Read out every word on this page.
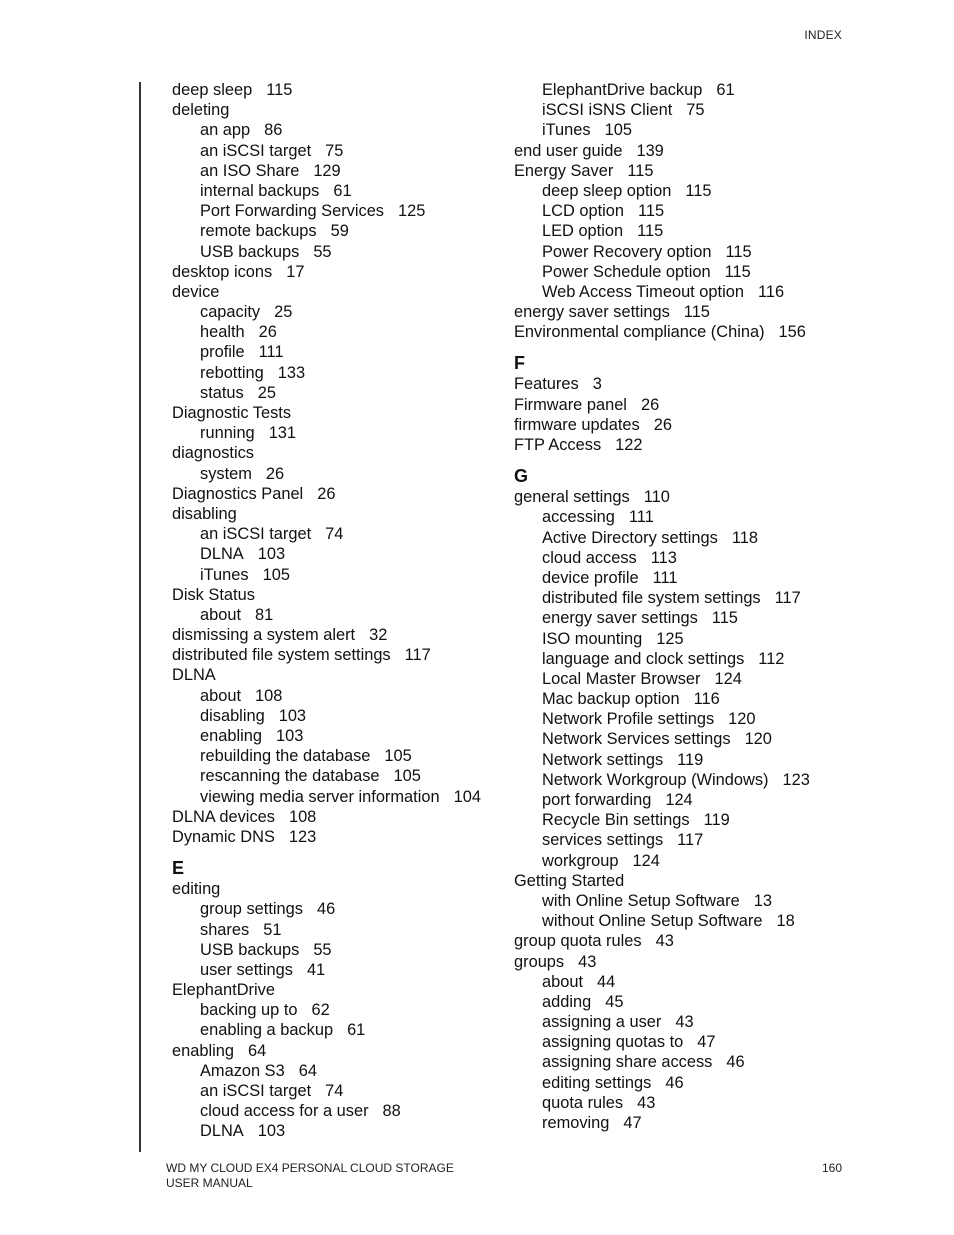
INDEX
deep sleep 115
deleting
an app 86
an iSCSI target 75
an ISO Share 129
internal backups 61
Port Forwarding Services 125
remote backups 59
USB backups 55
desktop icons 17
device
capacity 25
health 26
profile 111
rebotting 133
status 25
Diagnostic Tests
running 131
diagnostics
system 26
Diagnostics Panel 26
disabling
an iSCSI target 74
DLNA 103
iTunes 105
Disk Status
about 81
dismissing a system alert 32
distributed file system settings 117
DLNA
about 108
disabling 103
enabling 103
rebuilding the database 105
rescanning the database 105
viewing media server information 104
DLNA devices 108
Dynamic DNS 123
E
editing
group settings 46
shares 51
USB backups 55
user settings 41
ElephantDrive
backing up to 62
enabling a backup 61
enabling 64
Amazon S3 64
an iSCSI target 74
cloud access for a user 88
DLNA 103
ElephantDrive backup 61
iSCSI iSNS Client 75
iTunes 105
end user guide 139
Energy Saver 115
deep sleep option 115
LCD option 115
LED option 115
Power Recovery option 115
Power Schedule option 115
Web Access Timeout option 116
energy saver settings 115
Environmental compliance (China) 156
F
Features 3
Firmware panel 26
firmware updates 26
FTP Access 122
G
general settings 110
accessing 111
Active Directory settings 118
cloud access 113
device profile 111
distributed file system settings 117
energy saver settings 115
ISO mounting 125
language and clock settings 112
Local Master Browser 124
Mac backup option 116
Network Profile settings 120
Network Services settings 120
Network settings 119
Network Workgroup (Windows) 123
port forwarding 124
Recycle Bin settings 119
services settings 117
workgroup 124
Getting Started
with Online Setup Software 13
without Online Setup Software 18
group quota rules 43
groups 43
about 44
adding 45
assigning a user 43
assigning quotas to 47
assigning share access 46
editing settings 46
quota rules 43
removing 47
WD MY CLOUD EX4 PERSONAL CLOUD STORAGE
USER MANUAL
160
